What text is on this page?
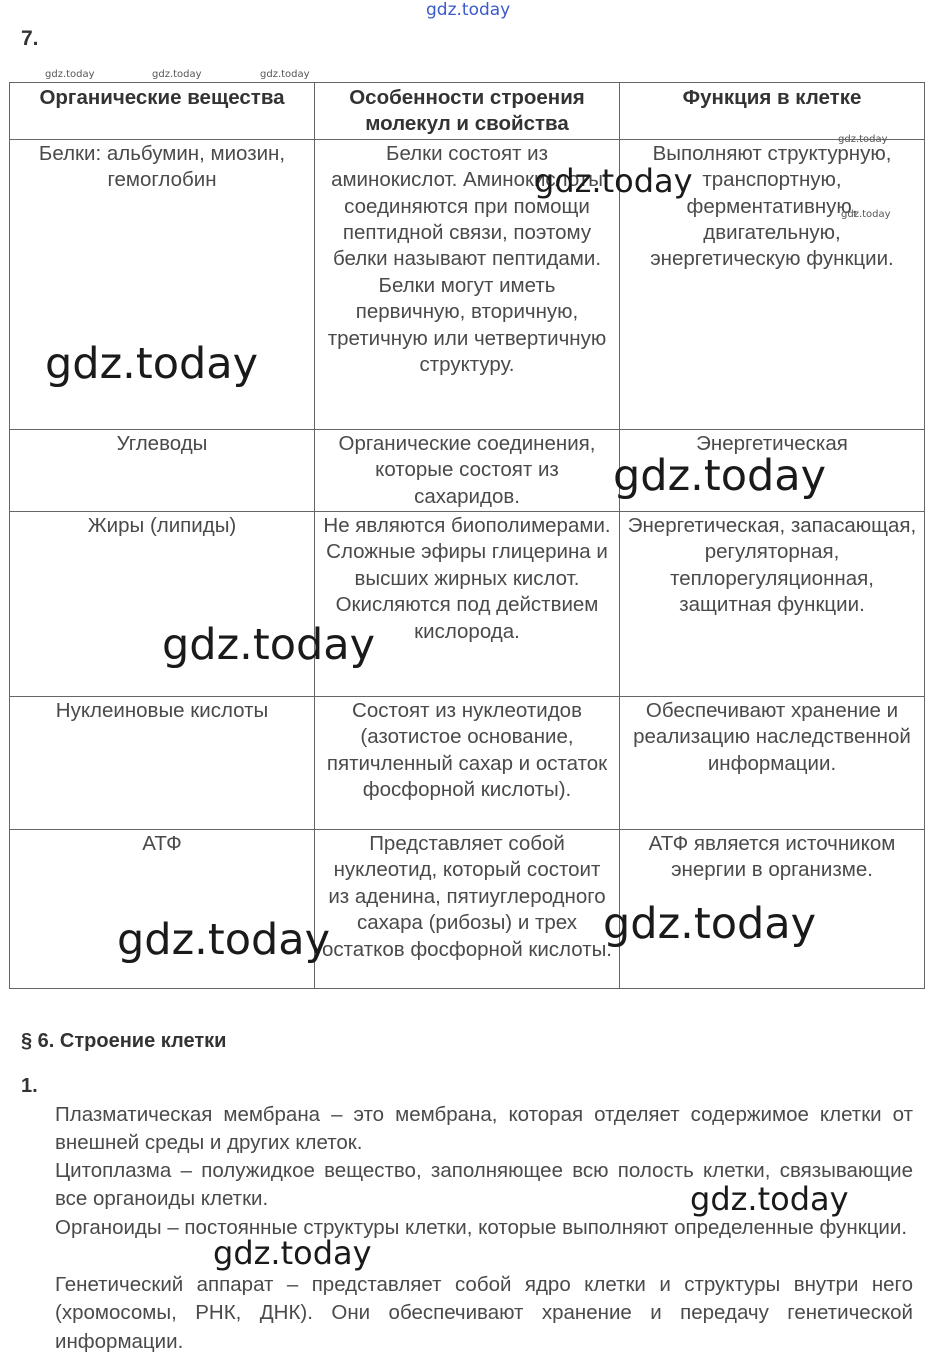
gdz.today
7.
gdz.today	gdz.today	gdz.today
Органические вещества	Особенности строения молекул и свойства	Функция в клетке
Белки: альбумин, миозин, гемоглобин	Белки состоят из аминокислот. Аминокислоты соединяются при помощи пептидной связи, поэтому белки называют пептидами. Белки могут иметь первичную, вторичную, третичную или четвертичную структуру.	Выполняют структурную, транспортную, ферментативную, двигательную, энергетическую функции.
Углеводы	Органические соединения, которые состоят из сахаридов.	Энергетическая
Жиры (липиды)	Не являются биополимерами. Сложные эфиры глицерина и высших жирных кислот. Окисляются под действием кислорода.	Энергетическая, запасающая, регуляторная, теплорегуляционная, защитная функции.
Нуклеиновые кислоты	Состоят из нуклеотидов (азотистое основание, пятичленный сахар и остаток фосфорной кислоты).	Обеспечивают хранение и реализацию наследственной информации.
АТФ	Представляет собой нуклеотид, который состоит из аденина, пятиуглеродного сахара (рибозы) и трех остатков фосфорной кислоты.	АТФ является источником энергии в организме.
gdz.today
gdz.today
gdz.today
gdz.today
gdz.today
gdz.today
gdz.today
gdz.today
§ 6. Строение клетки
1.
Плазматическая мембрана – это мембрана, которая отделяет содержимое клетки от внешней среды и других клеток.
Цитоплазма – полужидкое вещество, заполняющее всю полость клетки, связывающие все органоиды клетки.
Органоиды – постоянные структуры клетки, которые выполняют определенные функции.
Генетический аппарат – представляет собой ядро клетки и структуры внутри него (хромосомы, РНК, ДНК). Они обеспечивают хранение и передачу генетической информации.
gdz.today
gdz.today
